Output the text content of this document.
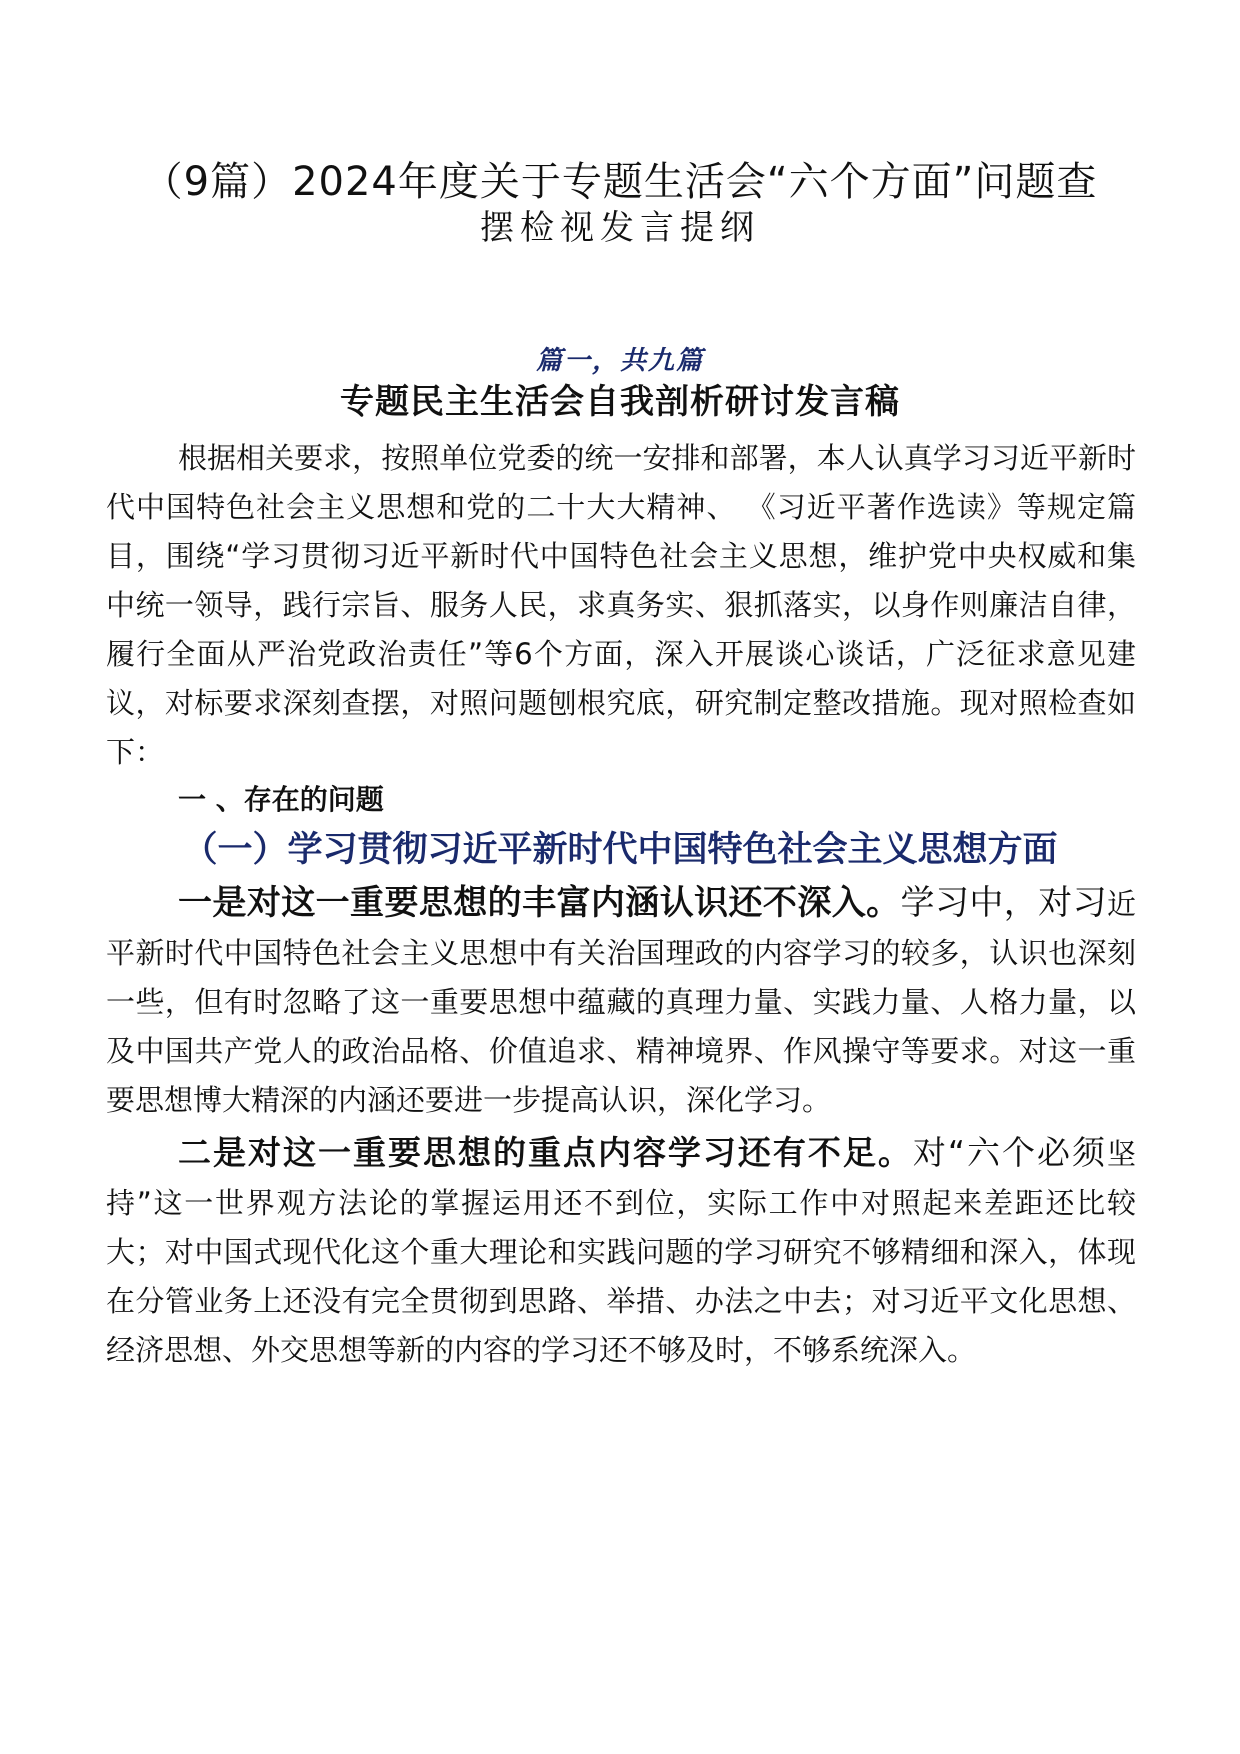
（9篇）2024年度关于专题生活会“六个方面”问题查
摆检视发言提纲
篇一，共九篇
专题民主生活会自我剖析研讨发言稿

根据相关要求，按照单位党委的统一安排和部署，本人认真学习习近平新时代中国特色社会主义思想和党的二十大大精神、 《习近平著作选读》等规定篇目，围绕“学习贯彻习近平新时代中国特色社会主义思想，维护党中央权威和集中统一领导，践行宗旨、服务人民，求真务实、狠抓落实，以身作则廉洁自律，履行全面从严治党政治责任”等6个方面，深入开展谈心谈话，广泛征求意见建议，对标要求深刻查摆，对照问题刨根究底，研究制定整改措施。现对照检查如下：

一 、存在的问题
（一）学习贯彻习近平新时代中国特色社会主义思想方面

一是对这一重要思想的丰富内涵认识还不深入。学习中，对习近平新时代中国特色社会主义思想中有关治国理政的内容学习的较多，认识也深刻一些，但有时忽略了这一重要思想中蕴藏的真理力量、实践力量、人格力量，以及中国共产党人的政治品格、价值追求、精神境界、作风操守等要求。对这一重要思想博大精深的内涵还要进一步提高认识，深化学习。

二是对这一重要思想的重点内容学习还有不足。对“六个必须坚持”这一世界观方法论的掌握运用还不到位，实际工作中对照起来差距还比较大；对中国式现代化这个重大理论和实践问题的学习研究不够精细和深入，体现在分管业务上还没有完全贯彻到思路、举措、办法之中去；对习近平文化思想、经济思想、外交思想等新的内容的学习还不够及时，不够系统深入。
